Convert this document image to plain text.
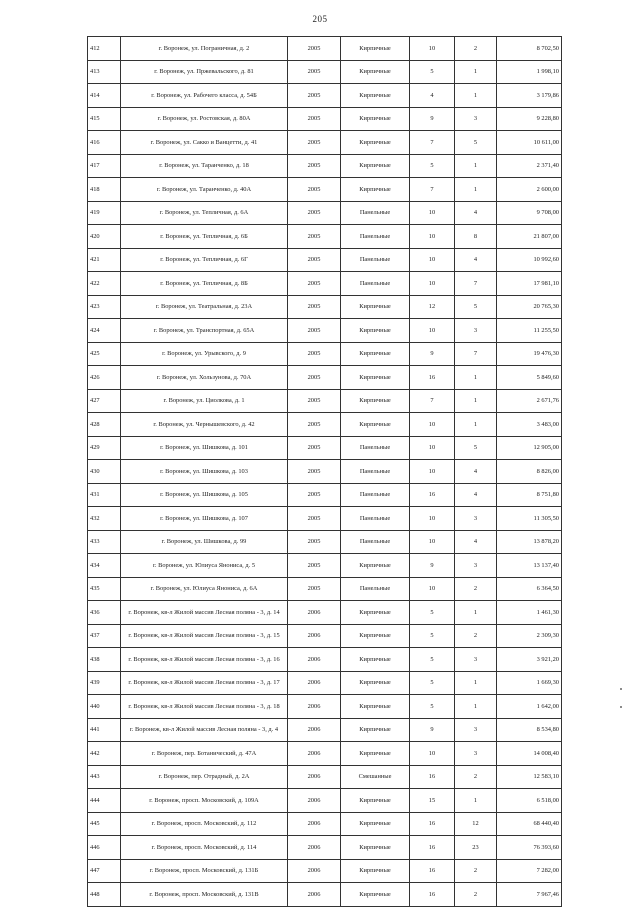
205
412	г. Воронеж, ул. Пограничная, д. 2	2005	Кирпичные	10	2	8 702,50
413	г. Воронеж, ул. Пржевальского, д. 81	2005	Кирпичные	5	1	1 998,10
414	г. Воронеж, ул. Рабочего класса, д. 54Б	2005	Кирпичные	4	1	3 179,86
415	г. Воронеж, ул. Ростовская, д. 80А	2005	Кирпичные	9	3	9 228,80
416	г. Воронеж, ул. Сакко и Ванцетти, д. 41	2005	Кирпичные	7	5	10 611,00
417	г. Воронеж, ул. Таранченко, д. 18	2005	Кирпичные	5	1	2 371,40
418	г. Воронеж, ул. Таранченко, д. 40А	2005	Кирпичные	7	1	2 600,00
419	г. Воронеж, ул. Тепличная, д. 6А	2005	Панельные	10	4	9 708,00
420	г. Воронеж, ул. Тепличная, д. 6Б	2005	Панельные	10	8	21 807,00
421	г. Воронеж, ул. Тепличная, д. 6Г	2005	Панельные	10	4	10 992,60
422	г. Воронеж, ул. Тепличная, д. 8Б	2005	Панельные	10	7	17 981,10
423	г. Воронеж, ул. Театральная, д. 23А	2005	Кирпичные	12	5	20 765,30
424	г. Воронеж, ул. Транспортная, д. 65А	2005	Кирпичные	10	3	11 255,50
425	г. Воронеж, ул. Урывского, д. 9	2005	Кирпичные	9	7	19 476,30
426	г. Воронеж, ул. Хользунова, д. 70А	2005	Кирпичные	16	1	5 849,60
427	г. Воронеж, ул. Циолкова, д. 1	2005	Кирпичные	7	1	2 671,76
428	г. Воронеж, ул. Чернышевского, д. 42	2005	Кирпичные	10	1	3 483,00
429	г. Воронеж, ул. Шишкова, д. 101	2005	Панельные	10	5	12 905,00
430	г. Воронеж, ул. Шишкова, д. 103	2005	Панельные	10	4	8 826,00
431	г. Воронеж, ул. Шишкова, д. 105	2005	Панельные	16	4	8 751,80
432	г. Воронеж, ул. Шишкова, д. 107	2005	Панельные	10	3	11 305,50
433	г. Воронеж, ул. Шишкова, д. 99	2005	Панельные	10	4	13 878,20
434	г. Воронеж, ул. Юлиуса Янониса, д. 5	2005	Кирпичные	9	3	13 137,40
435	г. Воронеж, ул. Юлиуса Янониса, д. 6А	2005	Панельные	10	2	6 364,50
436	г. Воронеж, кв-л Жилой массив Лесная поляна - 3, д. 14	2006	Кирпичные	5	1	1 461,30
437	г. Воронеж, кв-л Жилой массив Лесная поляна - 3, д. 15	2006	Кирпичные	5	2	2 309,30
438	г. Воронеж, кв-л Жилой массив Лесная поляна - 3, д. 16	2006	Кирпичные	5	3	3 921,20
439	г. Воронеж, кв-л Жилой массив Лесная поляна - 3, д. 17	2006	Кирпичные	5	1	1 669,30
440	г. Воронеж, кв-л Жилой массив Лесная поляна - 3, д. 18	2006	Кирпичные	5	1	1 642,00
441	г. Воронеж, кв-л Жилой массив Лесная поляна - 3, д. 4	2006	Кирпичные	9	3	8 534,80
442	г. Воронеж, пер. Ботанический, д. 47А	2006	Кирпичные	10	3	14 008,40
443	г. Воронеж, пер. Отрадный, д. 2А	2006	Смешанные	16	2	12 583,10
444	г. Воронеж, просп. Московский, д. 109А	2006	Кирпичные	15	1	6 518,00
445	г. Воронеж, просп. Московский, д. 112	2006	Кирпичные	16	12	68 440,40
446	г. Воронеж, просп. Московский, д. 114	2006	Кирпичные	16	23	76 393,60
447	г. Воронеж, просп. Московский, д. 131Б	2006	Кирпичные	16	2	7 282,00
448	г. Воронеж, просп. Московский, д. 131В	2006	Кирпичные	16	2	7 967,46
